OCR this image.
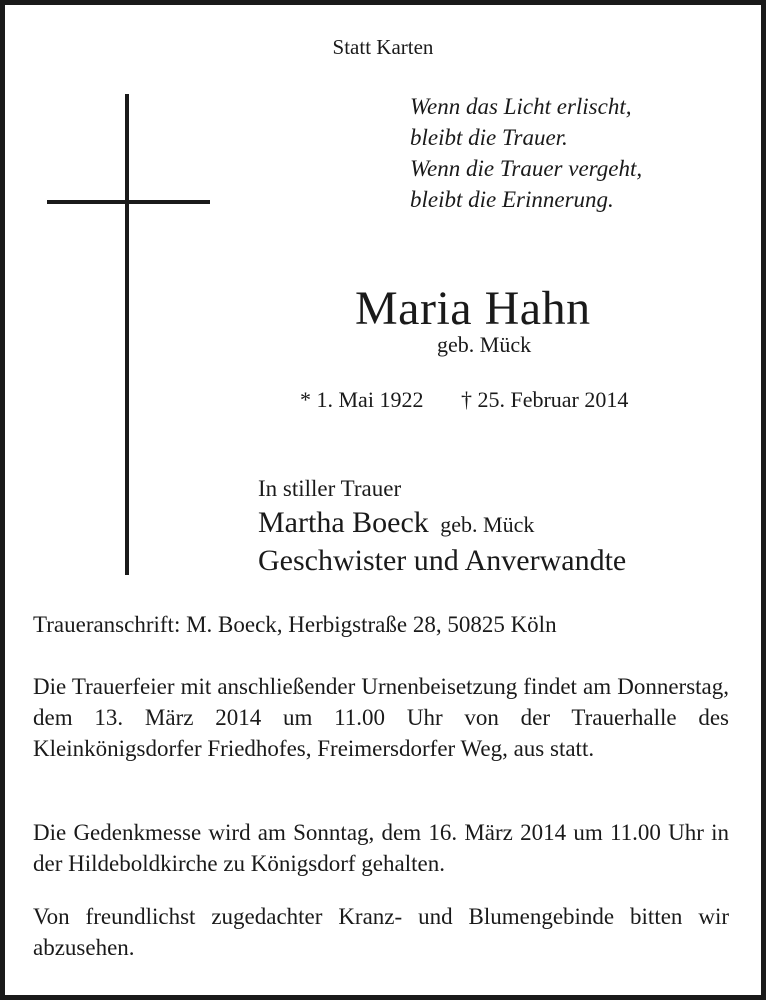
Statt Karten
Wenn das Licht erlischt,
bleibt die Trauer.
Wenn die Trauer vergeht,
bleibt die Erinnerung.
Maria Hahn
geb. Mück
* 1. Mai 1922 † 25. Februar 2014
In stiller Trauer
Martha Boeck geb. Mück
Geschwister und Anverwandte
Traueranschrift: M. Boeck, Herbigstraße 28, 50825 Köln
Die Trauerfeier mit anschließender Urnenbeisetzung findet am Donnerstag, dem 13. März 2014 um 11.00 Uhr von der Trauerhalle des Kleinkönigsdorfer Friedhofes, Freimersdorfer Weg, aus statt.
Die Gedenkmesse wird am Sonntag, dem 16. März 2014 um 11.00 Uhr in der Hildeboldkirche zu Königsdorf gehalten.
Von freundlichst zugedachter Kranz- und Blumengebinde bitten wir abzusehen.
